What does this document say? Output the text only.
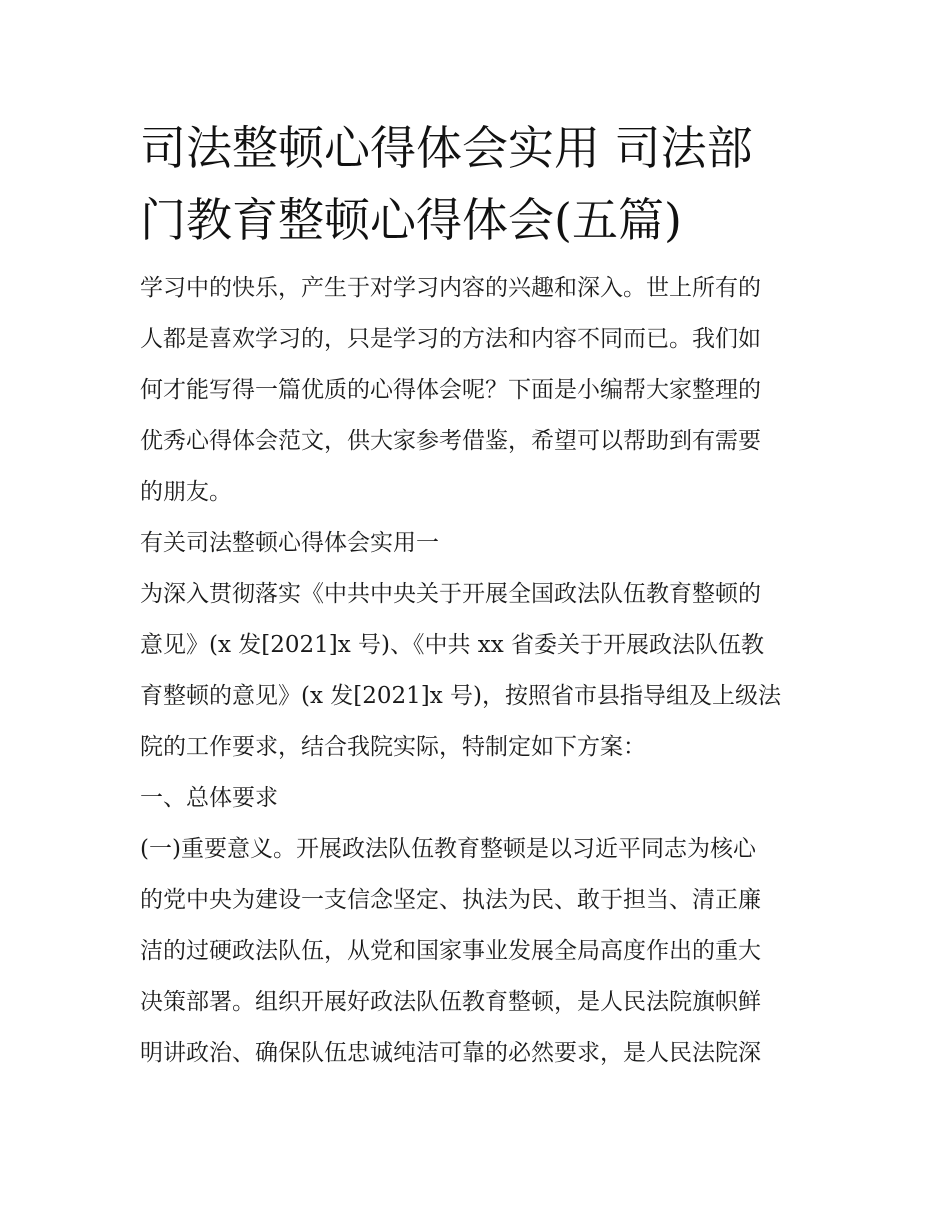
司法整顿心得体会实用 司法部

门教育整顿心得体会(五篇)

学习中的快乐，产生于对学习内容的兴趣和深入。世上所有的

人都是喜欢学习的，只是学习的方法和内容不同而已。我们如

何才能写得一篇优质的心得体会呢？下面是小编帮大家整理的

优秀心得体会范文，供大家参考借鉴，希望可以帮助到有需要

的朋友。

有关司法整顿心得体会实用一

为深入贯彻落实《中共中央关于开展全国政法队伍教育整顿的

意见》(x 发[2021]x 号)、《中共 xx 省委关于开展政法队伍教

育整顿的意见》(x 发[2021]x 号)，按照省市县指导组及上级法

院的工作要求，结合我院实际，特制定如下方案：

一、总体要求

(一)重要意义。开展政法队伍教育整顿是以习近平同志为核心

的党中央为建设一支信念坚定、执法为民、敢于担当、清正廉

洁的过硬政法队伍，从党和国家事业发展全局高度作出的重大

决策部署。组织开展好政法队伍教育整顿，是人民法院旗帜鲜

明讲政治、确保队伍忠诚纯洁可靠的必然要求，是人民法院深
